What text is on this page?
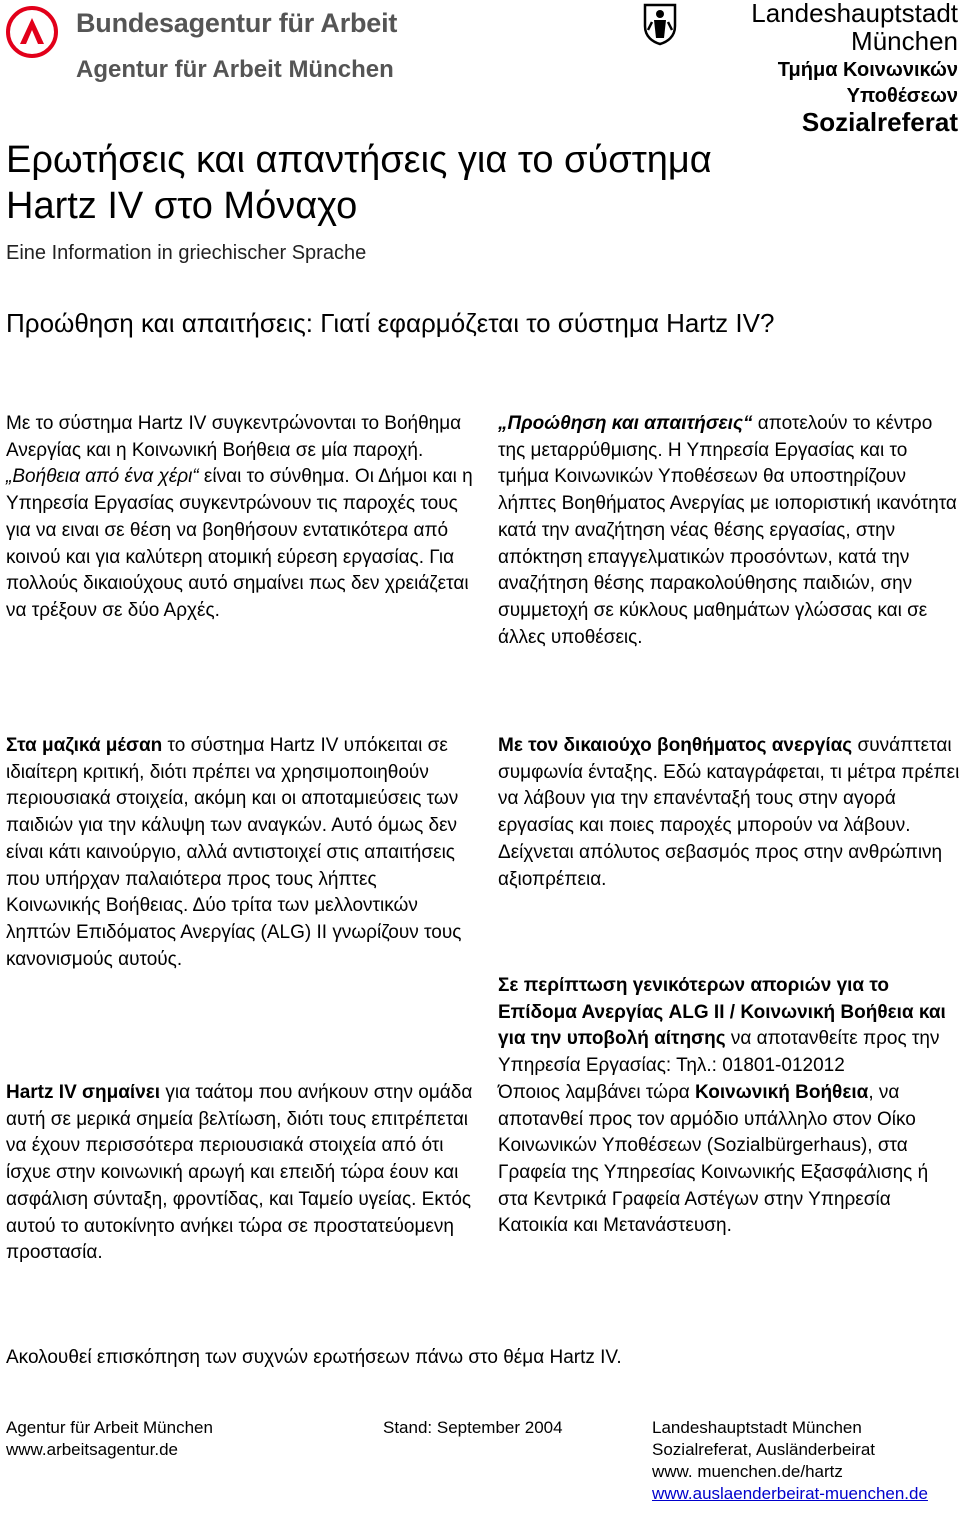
Bundesagentur für Arbeit
Agentur für Arbeit München
Landeshauptstadt
München
Τμήμα Κοινωνικών
Υποθέσεων
Sozialreferat
Ερωτήσεις και απαντήσεις για το σύστημα
Hartz IV στο Μόναχο
Eine Information in griechischer Sprache
Προώθηση και απαιτήσεις: Γιατί εφαρμόζεται το σύστημα Hartz IV?

Με το σύστημα Hartz IV συγκεντρώνονται το Βοήθημα Ανεργίας και η Κοινωνική Βοήθεια σε μία παροχή. „Βοήθεια από ένα χέρι“ είναι το σύνθημα. Οι Δήμοι και η Υπηρεσία Εργασίας συγκεντρώνουν τις παροχές τους για να ειναι σε θέση να βοηθήσουν εντατικότερα από κοινού και για καλύτερη ατομική εύρεση εργασίας. Για πολλούς δικαιούχους αυτό σημαίνει πως δεν χρειάζεται να τρέξουν σε δύο Αρχές.

Στα μαζικά μέσαn το σύστημα Hartz IV υπόκειται σε ιδιαίτερη κριτική, διότι πρέπει να χρησιμοποιηθούν περιουσιακά στοιχεία, ακόμη και οι αποταμιεύσεις των παιδιών για την κάλυψη των αναγκών. Αυτό όμως δεν είναι κάτι καινούργιο, αλλά αντιστοιχεί στις απαιτήσεις που υπήρχαν παλαιότερα προς τους λήπτες Κοινωνικής Βοήθειας. Δύο τρίτα των μελλοντικών ληπτών Επιδόματος Ανεργίας (ALG) II γνωρίζουν τους κανονισμούς αυτούς.

Hartz IV σημαίνει για ταάτομ που ανήκουν στην ομάδα αυτή σε μερικά σημεία βελτίωση, διότι τους επιτρέπεται να έχουν περισσότερα περιουσιακά στοιχεία από ότι ίσχυε στην κοινωνική αρωγή και επειδή τώρα έουν και ασφάλιση σύνταξη, φροντίδας, και Ταμείο υγείας. Εκτός αυτού το αυτοκίνητο ανήκει τώρα σε προστατεύομενη προστασία.

„Προώθηση και απαιτήσεις“ αποτελούν το κέντρο της μεταρρύθμισης. Η Υπηρεσία Εργασίας και το τμήμα Κοινωνικών Υποθέσεων θα υποστηρίζουν λήπτες Βοηθήματος Ανεργίας με ιοποριστική ικανότητα κατά την αναζήτηση νέας θέσης εργασίας, στην απόκτηση επαγγελματικών προσόντων, κατά την αναζήτηση θέσης παρακολούθησης παιδιών, σην συμμετοχή σε κύκλους μαθημάτων γλώσσας και σε άλλες υποθέσεις.

Με τον δικαιούχο βοηθήματος ανεργίας συνάπτεται συμφωνία ένταξης. Εδώ καταγράφεται, τι μέτρα πρέπει να λάβουν για την επανένταξή τους στην αγορά εργασίας και ποιες παροχές μπορούν να λάβουν. Δείχνεται απόλυτος σεβασμός προς στην ανθρώπινη αξιοπρέπεια.

Σε περίπτωση γενικότερων αποριών για το Επίδομα Ανεργίας ALG II / Κοινωνική Βοήθεια και για την υποβολή αίτησης να αποτανθείτε προς την Υπηρεσία Εργασίας: Τηλ.: 01801-012012

Όποιος λαμβάνει τώρα Κοινωνική Βοήθεια, να αποτανθεί προς τον αρμόδιο υπάλληλο στον Οίκο Κοινωνικών Υποθέσεων (Sozialbürgerhaus), στα Γραφεία της Υπηρεσίας Κοινωνικής Εξασφάλισης ή στα Κεντρικά Γραφεία Αστέγων στην Υπηρεσία Κατοικία και Μετανάστευση.

Ακολουθεί επισκόπηση των συχνών ερωτήσεων πάνω στο θέμα Hartz IV.
Agentur für Arbeit München
www.arbeitsagentur.de
Stand: September 2004	Landeshauptstadt München
Sozialreferat, Ausländerbeirat
www. muenchen.de/hartz
www.auslaenderbeirat-muenchen.de
